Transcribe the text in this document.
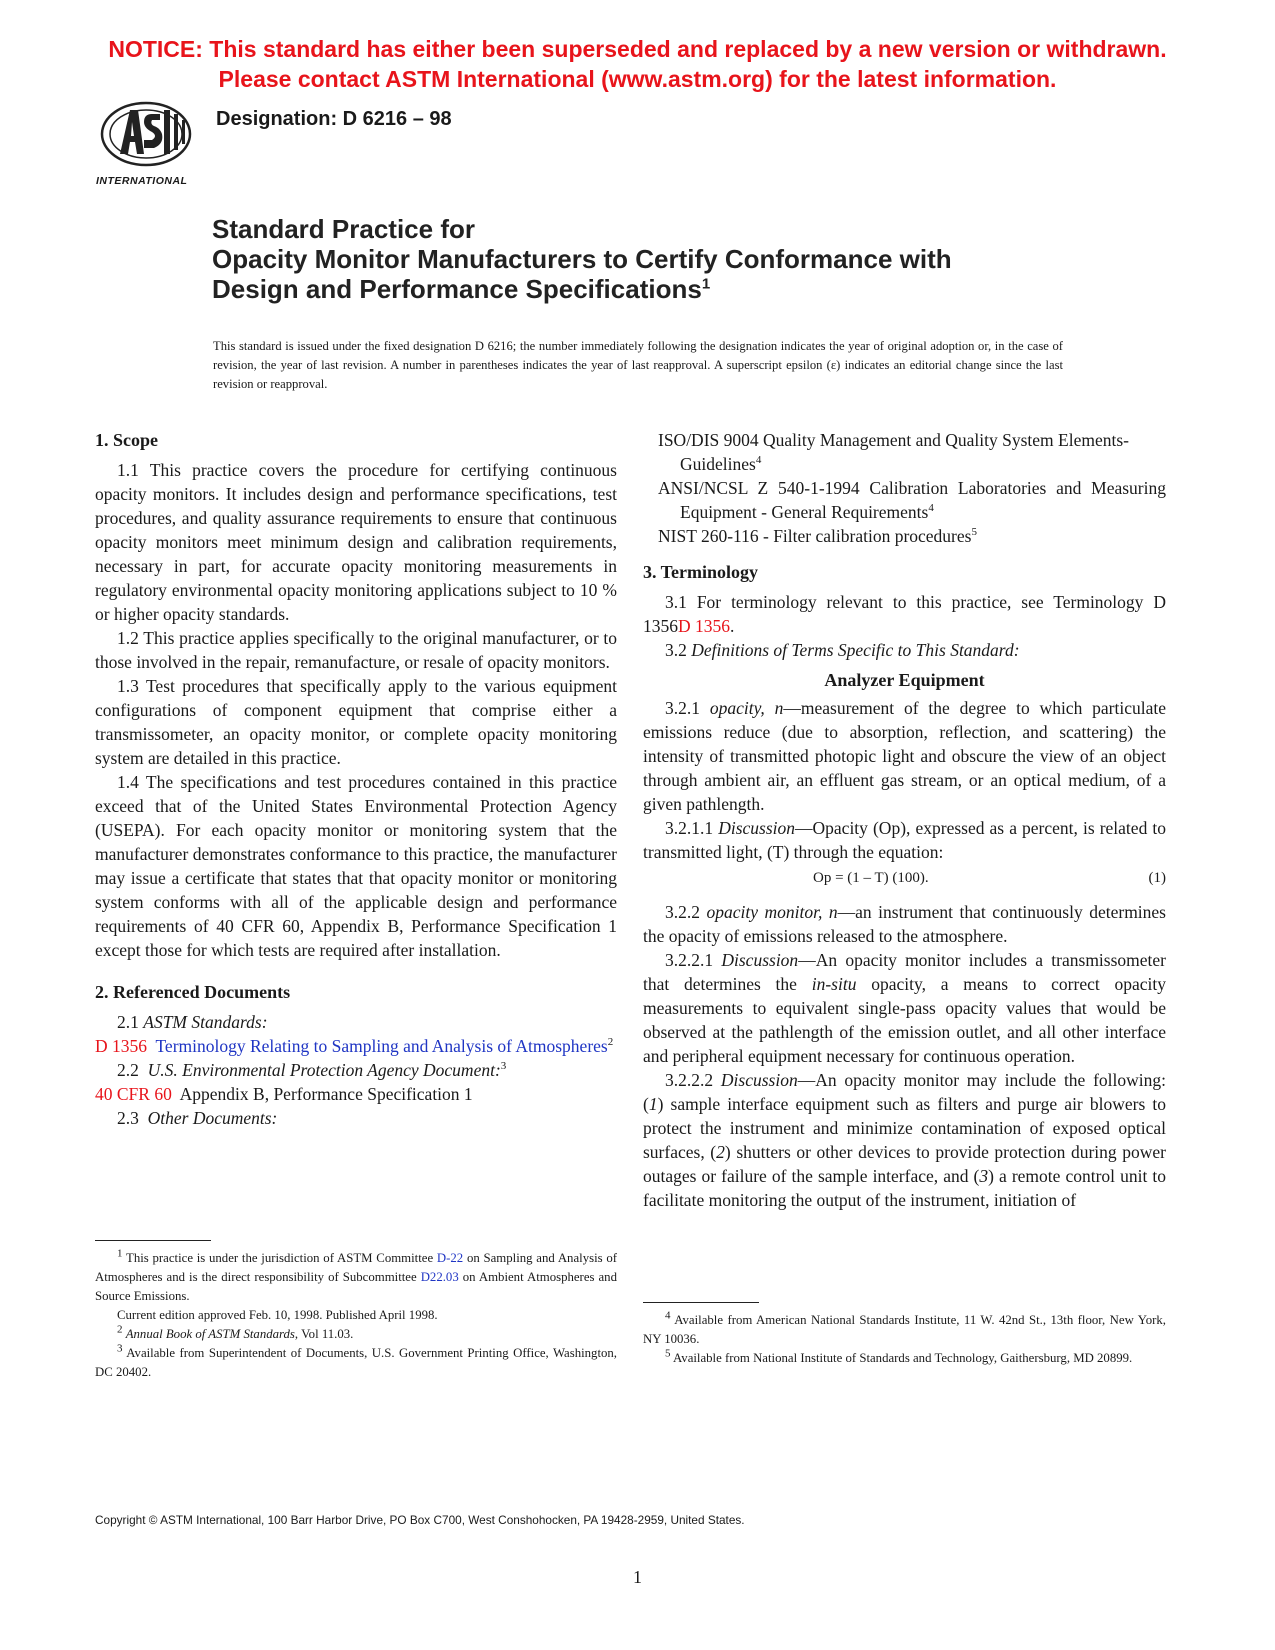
NOTICE: This standard has either been superseded and replaced by a new version or withdrawn.
Please contact ASTM International (www.astm.org) for the latest information.
INTERNATIONAL
Designation: D 6216 – 98
Standard Practice for
Opacity Monitor Manufacturers to Certify Conformance with
Design and Performance Specifications$^1$
This standard is issued under the fixed designation D 6216; the number immediately following the designation indicates the year of original adoption or, in the case of revision, the year of last revision. A number in parentheses indicates the year of last reapproval. A superscript epsilon (ε) indicates an editorial change since the last revision or reapproval.

1. Scope

1.1 This practice covers the procedure for certifying continuous opacity monitors. It includes design and performance specifications, test procedures, and quality assurance requirements to ensure that continuous opacity monitors meet minimum design and calibration requirements, necessary in part, for accurate opacity monitoring measurements in regulatory environmental opacity monitoring applications subject to 10 % or higher opacity standards.

1.2 This practice applies specifically to the original manufacturer, or to those involved in the repair, remanufacture, or resale of opacity monitors.

1.3 Test procedures that specifically apply to the various equipment configurations of component equipment that comprise either a transmissometer, an opacity monitor, or complete opacity monitoring system are detailed in this practice.

1.4 The specifications and test procedures contained in this practice exceed that of the United States Environmental Protection Agency (USEPA). For each opacity monitor or monitoring system that the manufacturer demonstrates conformance to this practice, the manufacturer may issue a certificate that states that that opacity monitor or monitoring system conforms with all of the applicable design and performance requirements of 40 CFR 60, Appendix B, Performance Specification 1 except those for which tests are required after installation.

2. Referenced Documents

2.1 ASTM Standards:

D 1356 Terminology Relating to Sampling and Analysis of Atmospheres$^2$

2.2 U.S. Environmental Protection Agency Document:$^3$

40 CFR 60 Appendix B, Performance Specification 1

2.3 Other Documents:

$^1$ This practice is under the jurisdiction of ASTM Committee D-22 on Sampling and Analysis of Atmospheres and is the direct responsibility of Subcommittee D22.03 on Ambient Atmospheres and Source Emissions.

Current edition approved Feb. 10, 1998. Published April 1998.

$^2$ Annual Book of ASTM Standards, Vol 11.03.

$^3$ Available from Superintendent of Documents, U.S. Government Printing Office, Washington, DC 20402.

ISO/DIS 9004 Quality Management and Quality System Elements-Guidelines$^4$

ANSI/NCSL Z 540-1-1994 Calibration Laboratories and Measuring Equipment - General Requirements$^4$

NIST 260-116 - Filter calibration procedures$^5$

3. Terminology

3.1 For terminology relevant to this practice, see Terminology D 1356D 1356.

3.2 Definitions of Terms Specific to This Standard:

Analyzer Equipment

3.2.1 opacity, n—measurement of the degree to which particulate emissions reduce (due to absorption, reflection, and scattering) the intensity of transmitted photopic light and obscure the view of an object through ambient air, an effluent gas stream, or an optical medium, of a given pathlength.

3.2.1.1 Discussion—Opacity (Op), expressed as a percent, is related to transmitted light, (T) through the equation:

Op = (1 – T) (100).	(1)

3.2.2 opacity monitor, n—an instrument that continuously determines the opacity of emissions released to the atmosphere.

3.2.2.1 Discussion—An opacity monitor includes a transmissometer that determines the in-situ opacity, a means to correct opacity measurements to equivalent single-pass opacity values that would be observed at the pathlength of the emission outlet, and all other interface and peripheral equipment necessary for continuous operation.

3.2.2.2 Discussion—An opacity monitor may include the following: (1) sample interface equipment such as filters and purge air blowers to protect the instrument and minimize contamination of exposed optical surfaces, (2) shutters or other devices to provide protection during power outages or failure of the sample interface, and (3) a remote control unit to facilitate monitoring the output of the instrument, initiation of

$^4$ Available from American National Standards Institute, 11 W. 42nd St., 13th floor, New York, NY 10036.

$^5$ Available from National Institute of Standards and Technology, Gaithersburg, MD 20899.

Copyright © ASTM International, 100 Barr Harbor Drive, PO Box C700, West Conshohocken, PA 19428-2959, United States.
1
